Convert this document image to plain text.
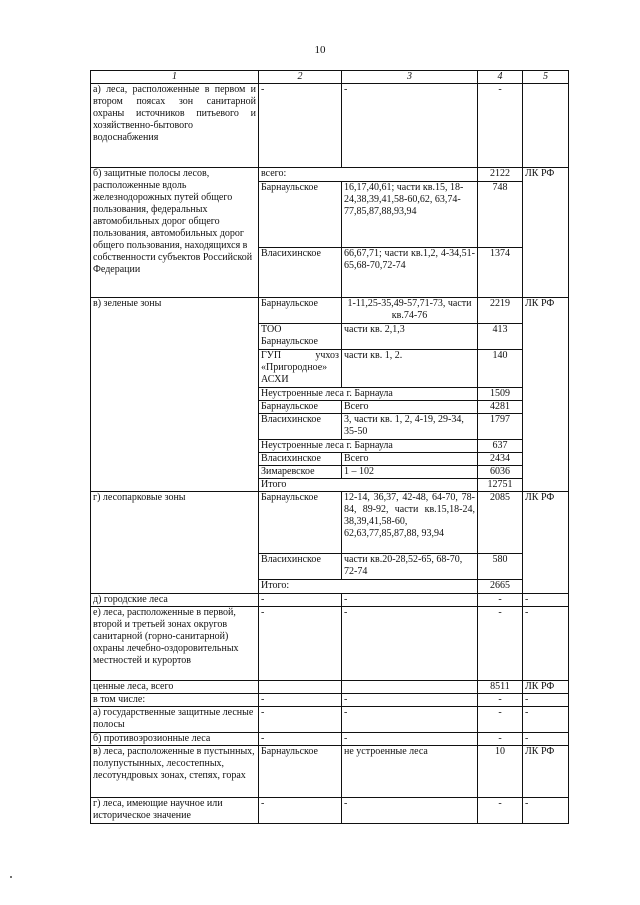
10
1	2	3	4	5
а) леса, расположенные в первом и втором поясах зон санитарной охраны источников питьевого и хозяйственно-бытового водоснабжения	-	-	-	
б) защитные полосы лесов, расположенные вдоль железнодорожных путей общего пользования, федеральных автомобильных дорог общего пользования, автомобильных дорог общего пользования, находящихся в собственности субъектов Российской Федерации	всего:		2122	ЛК РФ
	Барнаульское	16,17,40,61; части кв.15, 18-24,38,39,41,58-60,62, 63,74-77,85,87,88,93,94	748	
	Власихинское	66,67,71; части кв.1,2, 4-34,51-65,68-70,72-74	1374	
в) зеленые зоны	Барнаульское	1-11,25-35,49-57,71-73, части кв.74-76	2219	ЛК РФ
	ТОО Барнаульское	части кв. 2,1,3	413	
	ГУП учхоз «Пригородное» АСХИ	части кв. 1, 2.	140	
	Неустроенные леса г. Барнаула		1509	
	Барнаульское	Всего	4281	
	Власихинское	3, части кв. 1, 2, 4-19, 29-34, 35-50	1797	
	Неустроенные леса г. Барнаула		637	
	Власихинское	Всего	2434	
	Зимаревское	1 – 102	6036	
	Итого		12751	
г) лесопарковые зоны	Барнаульское	12-14, 36,37, 42-48, 64-70, 78-84, 89-92, части кв.15,18-24, 38,39,41,58-60, 62,63,77,85,87,88, 93,94	2085	ЛК РФ
	Власихинское	части кв.20-28,52-65, 68-70, 72-74	580	
	Итого:		2665	
д) городские леса	-	-	-	-
е) леса, расположенные в первой, второй и третьей зонах округов санитарной (горно-санитарной) охраны лечебно-оздоровительных местностей и курортов	-	-	-	-
ценные леса, всего			8511	ЛК РФ
в том числе:	-	-	-	-
а) государственные защитные лесные полосы	-	-	-	-
б) противоэрозионные леса	-	-	-	-
в) леса, расположенные в пустынных, полупустынных, лесостепных, лесотундровых зонах, степях, горах	Барнаульское	не устроенные леса	10	ЛК РФ
г) леса, имеющие научное или историческое значение	-	-	-	-
